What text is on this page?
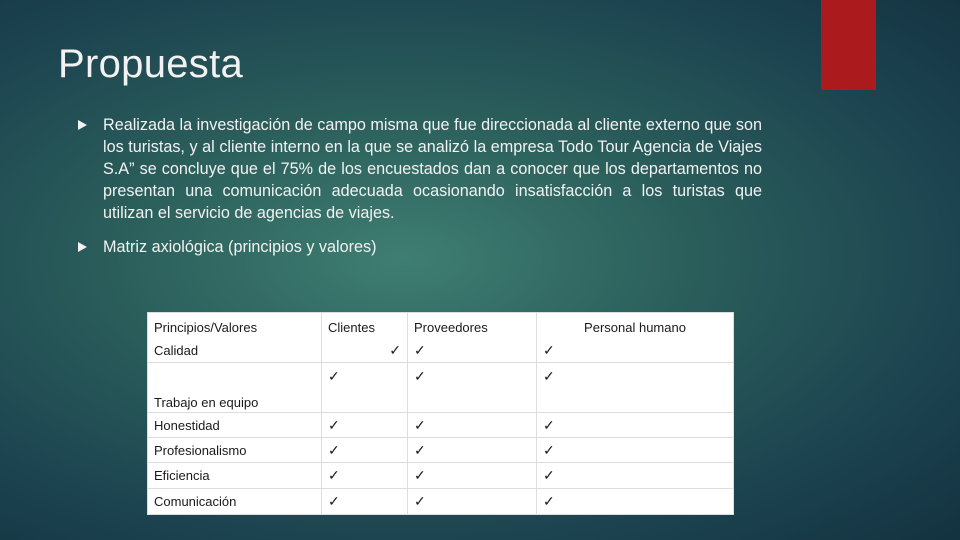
Propuesta
Realizada la investigación de campo misma que fue direccionada al cliente externo que son los turistas, y al cliente interno en la que se analizó la empresa Todo Tour Agencia de Viajes S.A” se concluye que el 75% de los encuestados dan a conocer que los departamentos no presentan una comunicación adecuada ocasionando insatisfacción a los turistas que utilizan el servicio de agencias de viajes.
Matriz axiológica (principios y valores)
Principios/Valores	Clientes	Proveedores	Personal humano
Calidad	✓	✓	✓
Trabajo en equipo	✓	✓	✓
Honestidad	✓	✓	✓
Profesionalismo	✓	✓	✓
Eficiencia	✓	✓	✓
Comunicación	✓	✓	✓
